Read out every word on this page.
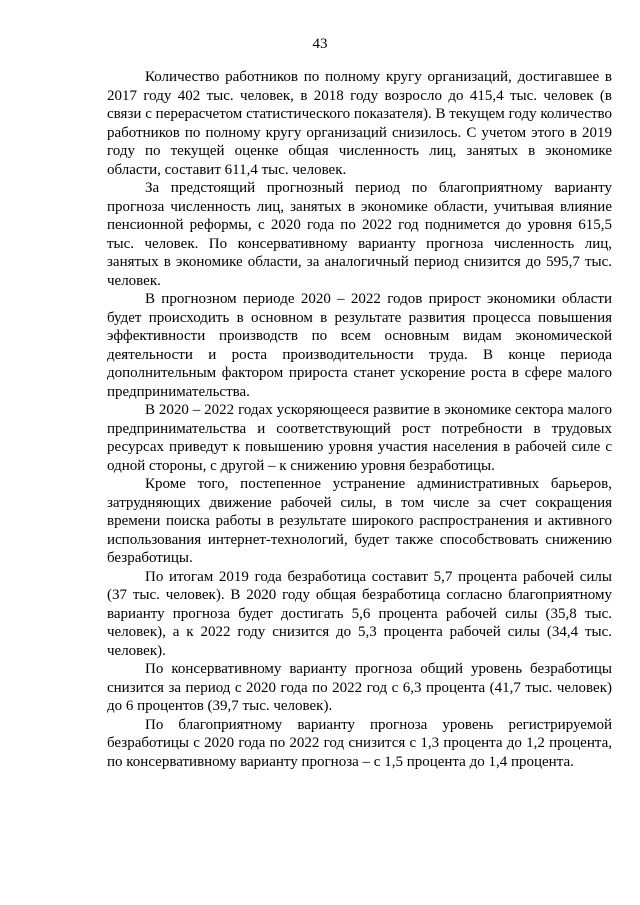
43

Количество работников по полному кругу организаций, достигавшее в 2017 году 402 тыс. человек, в 2018 году возросло до 415,4 тыс. человек (в связи с перерасчетом статистического показателя). В текущем году количество работников по полному кругу организаций снизилось. С учетом этого в 2019 году по текущей оценке общая численность лиц, занятых в экономике области, составит 611,4 тыс. человек.

За предстоящий прогнозный период по благоприятному варианту прогноза численность лиц, занятых в экономике области, учитывая влияние пенсионной реформы, с 2020 года по 2022 год поднимется до уровня 615,5 тыс. человек. По консервативному варианту прогноза численность лиц, занятых в экономике области, за аналогичный период снизится до 595,7 тыс. человек.

В прогнозном периоде 2020 – 2022 годов прирост экономики области будет происходить в основном в результате развития процесса повышения эффективности производств по всем основным видам экономической деятельности и роста производительности труда. В конце периода дополнительным фактором прироста станет ускорение роста в сфере малого предпринимательства.

В 2020 – 2022 годах ускоряющееся развитие в экономике сектора малого предпринимательства и соответствующий рост потребности в трудовых ресурсах приведут к повышению уровня участия населения в рабочей силе с одной стороны, с другой – к снижению уровня безработицы.

Кроме того, постепенное устранение административных барьеров, затрудняющих движение рабочей силы, в том числе за счет сокращения времени поиска работы в результате широкого распространения и активного использования интернет-технологий, будет также способствовать снижению безработицы.

По итогам 2019 года безработица составит 5,7 процента рабочей силы (37 тыс. человек). В 2020 году общая безработица согласно благоприятному варианту прогноза будет достигать 5,6 процента рабочей силы (35,8 тыс. человек), а к 2022 году снизится до 5,3 процента рабочей силы (34,4 тыс. человек).

По консервативному варианту прогноза общий уровень безработицы снизится за период с 2020 года по 2022 год с 6,3 процента (41,7 тыс. человек) до 6 процентов (39,7 тыс. человек).

По благоприятному варианту прогноза уровень регистрируемой безработицы с 2020 года по 2022 год снизится с 1,3 процента до 1,2 процента, по консервативному варианту прогноза – с 1,5 процента до 1,4 процента.
